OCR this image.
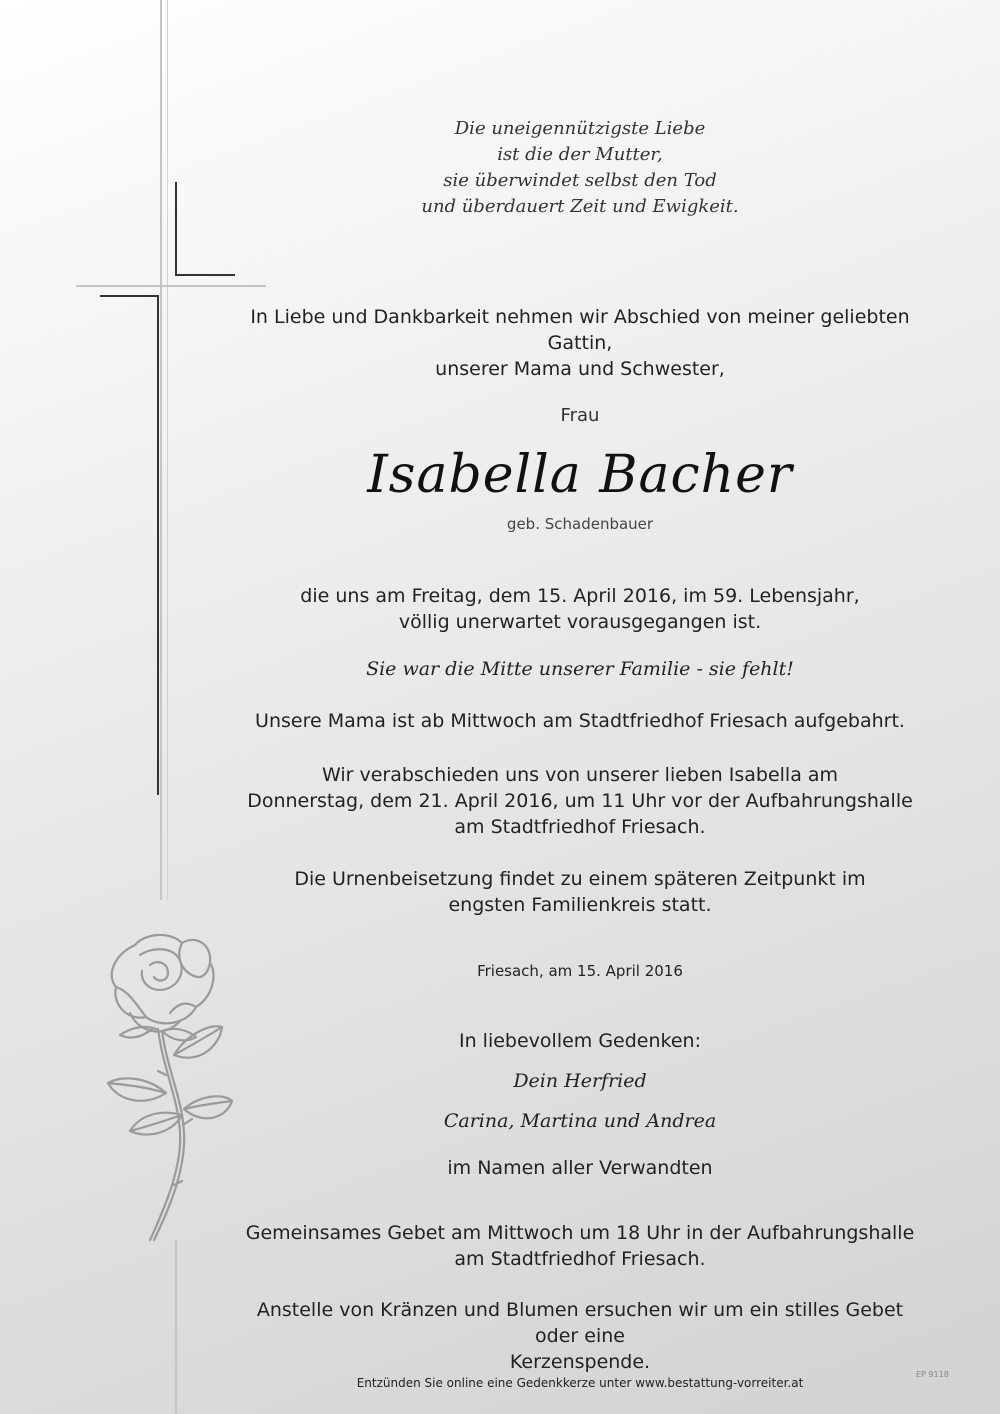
Die uneigennützigste Liebe
ist die der Mutter,
sie überwindet selbst den Tod
und überdauert Zeit und Ewigkeit.
In Liebe und Dankbarkeit nehmen wir Abschied von meiner geliebten Gattin,
unserer Mama und Schwester,
Frau
Isabella Bacher
geb. Schadenbauer
die uns am Freitag, dem 15. April 2016, im 59. Lebensjahr,
völlig unerwartet vorausgegangen ist.
Sie war die Mitte unserer Familie - sie fehlt!
Unsere Mama ist ab Mittwoch am Stadtfriedhof Friesach aufgebahrt.
Wir verabschieden uns von unserer lieben Isabella am
Donnerstag, dem 21. April 2016, um 11 Uhr vor der Aufbahrungshalle
am Stadtfriedhof Friesach.
Die Urnenbeisetzung findet zu einem späteren Zeitpunkt im
engsten Familienkreis statt.
Friesach, am 15. April 2016
In liebevollem Gedenken:
Dein Herfried
Carina, Martina und Andrea
im Namen aller Verwandten
Gemeinsames Gebet am Mittwoch um 18 Uhr in der Aufbahrungshalle
am Stadtfriedhof Friesach.
Anstelle von Kränzen und Blumen ersuchen wir um ein stilles Gebet oder eine
Kerzenspende.
Entzünden Sie online eine Gedenkkerze unter www.bestattung-vorreiter.at
EP 9118
